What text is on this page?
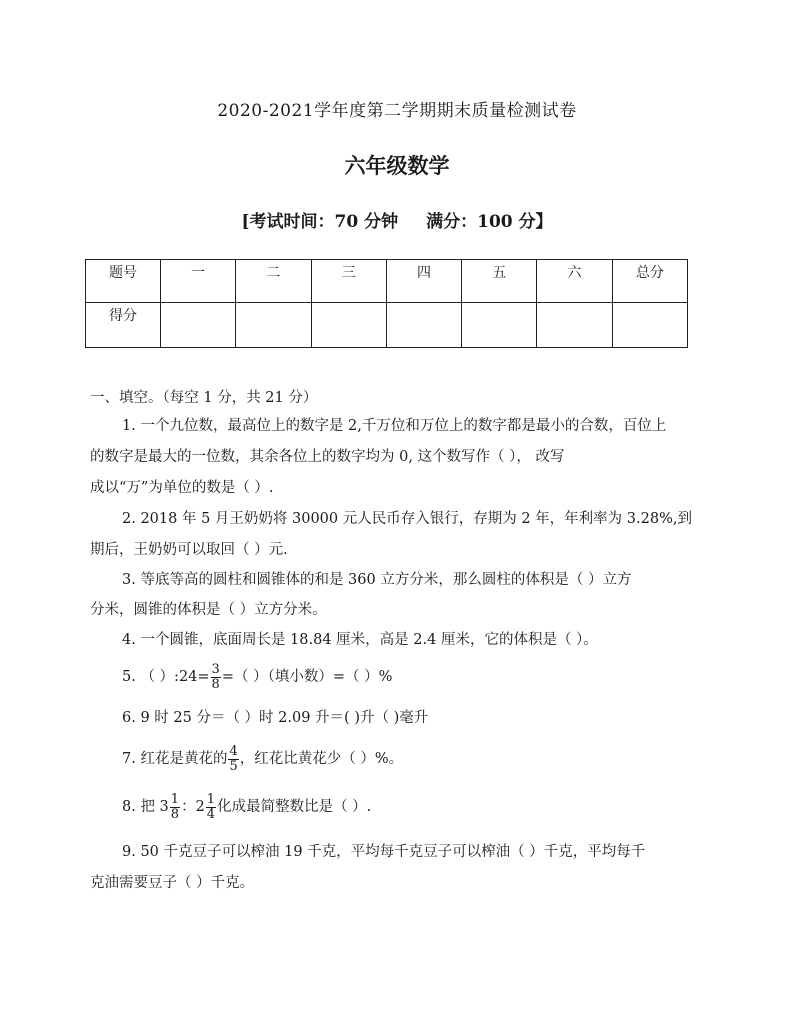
2020-2021学年度第二学期期末质量检测试卷
六年级数学
[考试时间：70 分钟 满分：100 分】
题号	一	二	三	四	五	六	总分
得分							
一、填空。（每空 1 分，共 21 分）
1. 一个九位数，最高位上的数字是 2,千万位和万位上的数字都是最小的合数，百位上
的数字是最大的一位数，其余各位上的数字均为 0, 这个数写作（ ）， 改写
成以“万”为单位的数是（ ）.
2. 2018 年 5 月王奶奶将 30000 元人民币存入银行，存期为 2 年，年利率为 3.28%,到
期后，王奶奶可以取回（ ）元.
3. 等底等高的圆柱和圆锥体的和是 360 立方分米，那么圆柱的体积是（ ）立方
分米，圆锥的体积是（ ）立方分米。
4. 一个圆锥，底面周长是 18.84 厘米，高是 2.4 厘米，它的体积是（ ）。
5. （ ）:24= $\frac{3}{8}$ =（ ）（填小数）=（ ）%
6. 9 时 25 分＝（ ）时 2.09 升＝( )升（ )毫升
7. 红花是黄花的 $\frac{4}{5}$ ，红花比黄花少（ ）%。
8. 把 $3 \frac{1}{8}$ ：$2 \frac{1}{4}$ 化成最简整数比是（ ）.
9. 50 千克豆子可以榨油 19 千克，平均每千克豆子可以榨油（ ）千克，平均每千
克油需要豆子（ ）千克。
